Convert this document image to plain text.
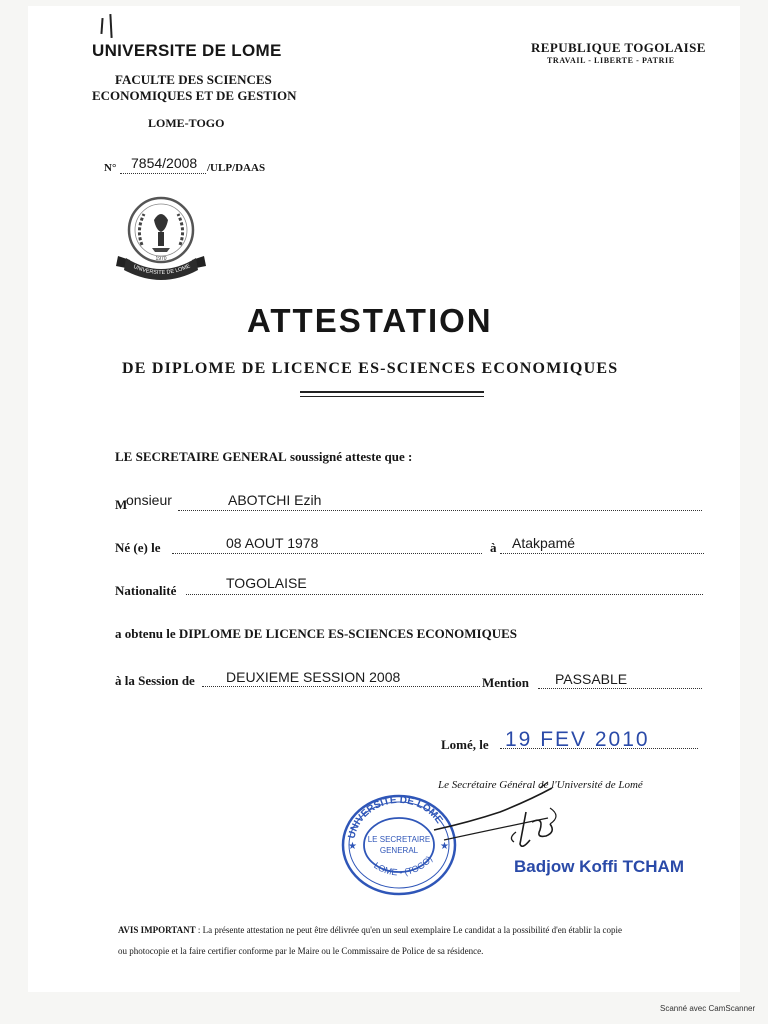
UNIVERSITE DE LOME
FACULTE DES SCIENCES
ECONOMIQUES ET DE GESTION
LOME-TOGO
N° 7854/2008 /ULP/DAAS
REPUBLIQUE TOGOLAISE
TRAVAIL - LIBERTE - PATRIE
UNIVERSITE DE LOME
1970
ATTESTATION
DE DIPLOME DE LICENCE ES-SCIENCES ECONOMIQUES
LE SECRETAIRE GENERAL soussigné atteste que :
M
onsieur	ABOTCHI Ezih
Né (e) le	08 AOUT 1978	à Atakpamé
Nationalité	TOGOLAISE
a obtenu le DIPLOME DE LICENCE ES-SCIENCES ECONOMIQUES
à la Session de DEUXIEME SESSION 2008	Mention PASSABLE
Lomé, le 19 FEV 2010
Le Secrétaire Général de l'Université de Lomé
UNIVERSITE DE LOME
LOME - (TOGO)
LE SECRETAIRE
GENERAL
★	★
Badjow Koffi TCHAM
AVIS IMPORTANT : La présente attestation ne peut être délivrée qu'en un seul exemplaire Le candidat a la possibilité d'en établir la copie
ou photocopie et la faire certifier conforme par le Maire ou le Commissaire de Police de sa résidence.
Scanné avec CamScanner
